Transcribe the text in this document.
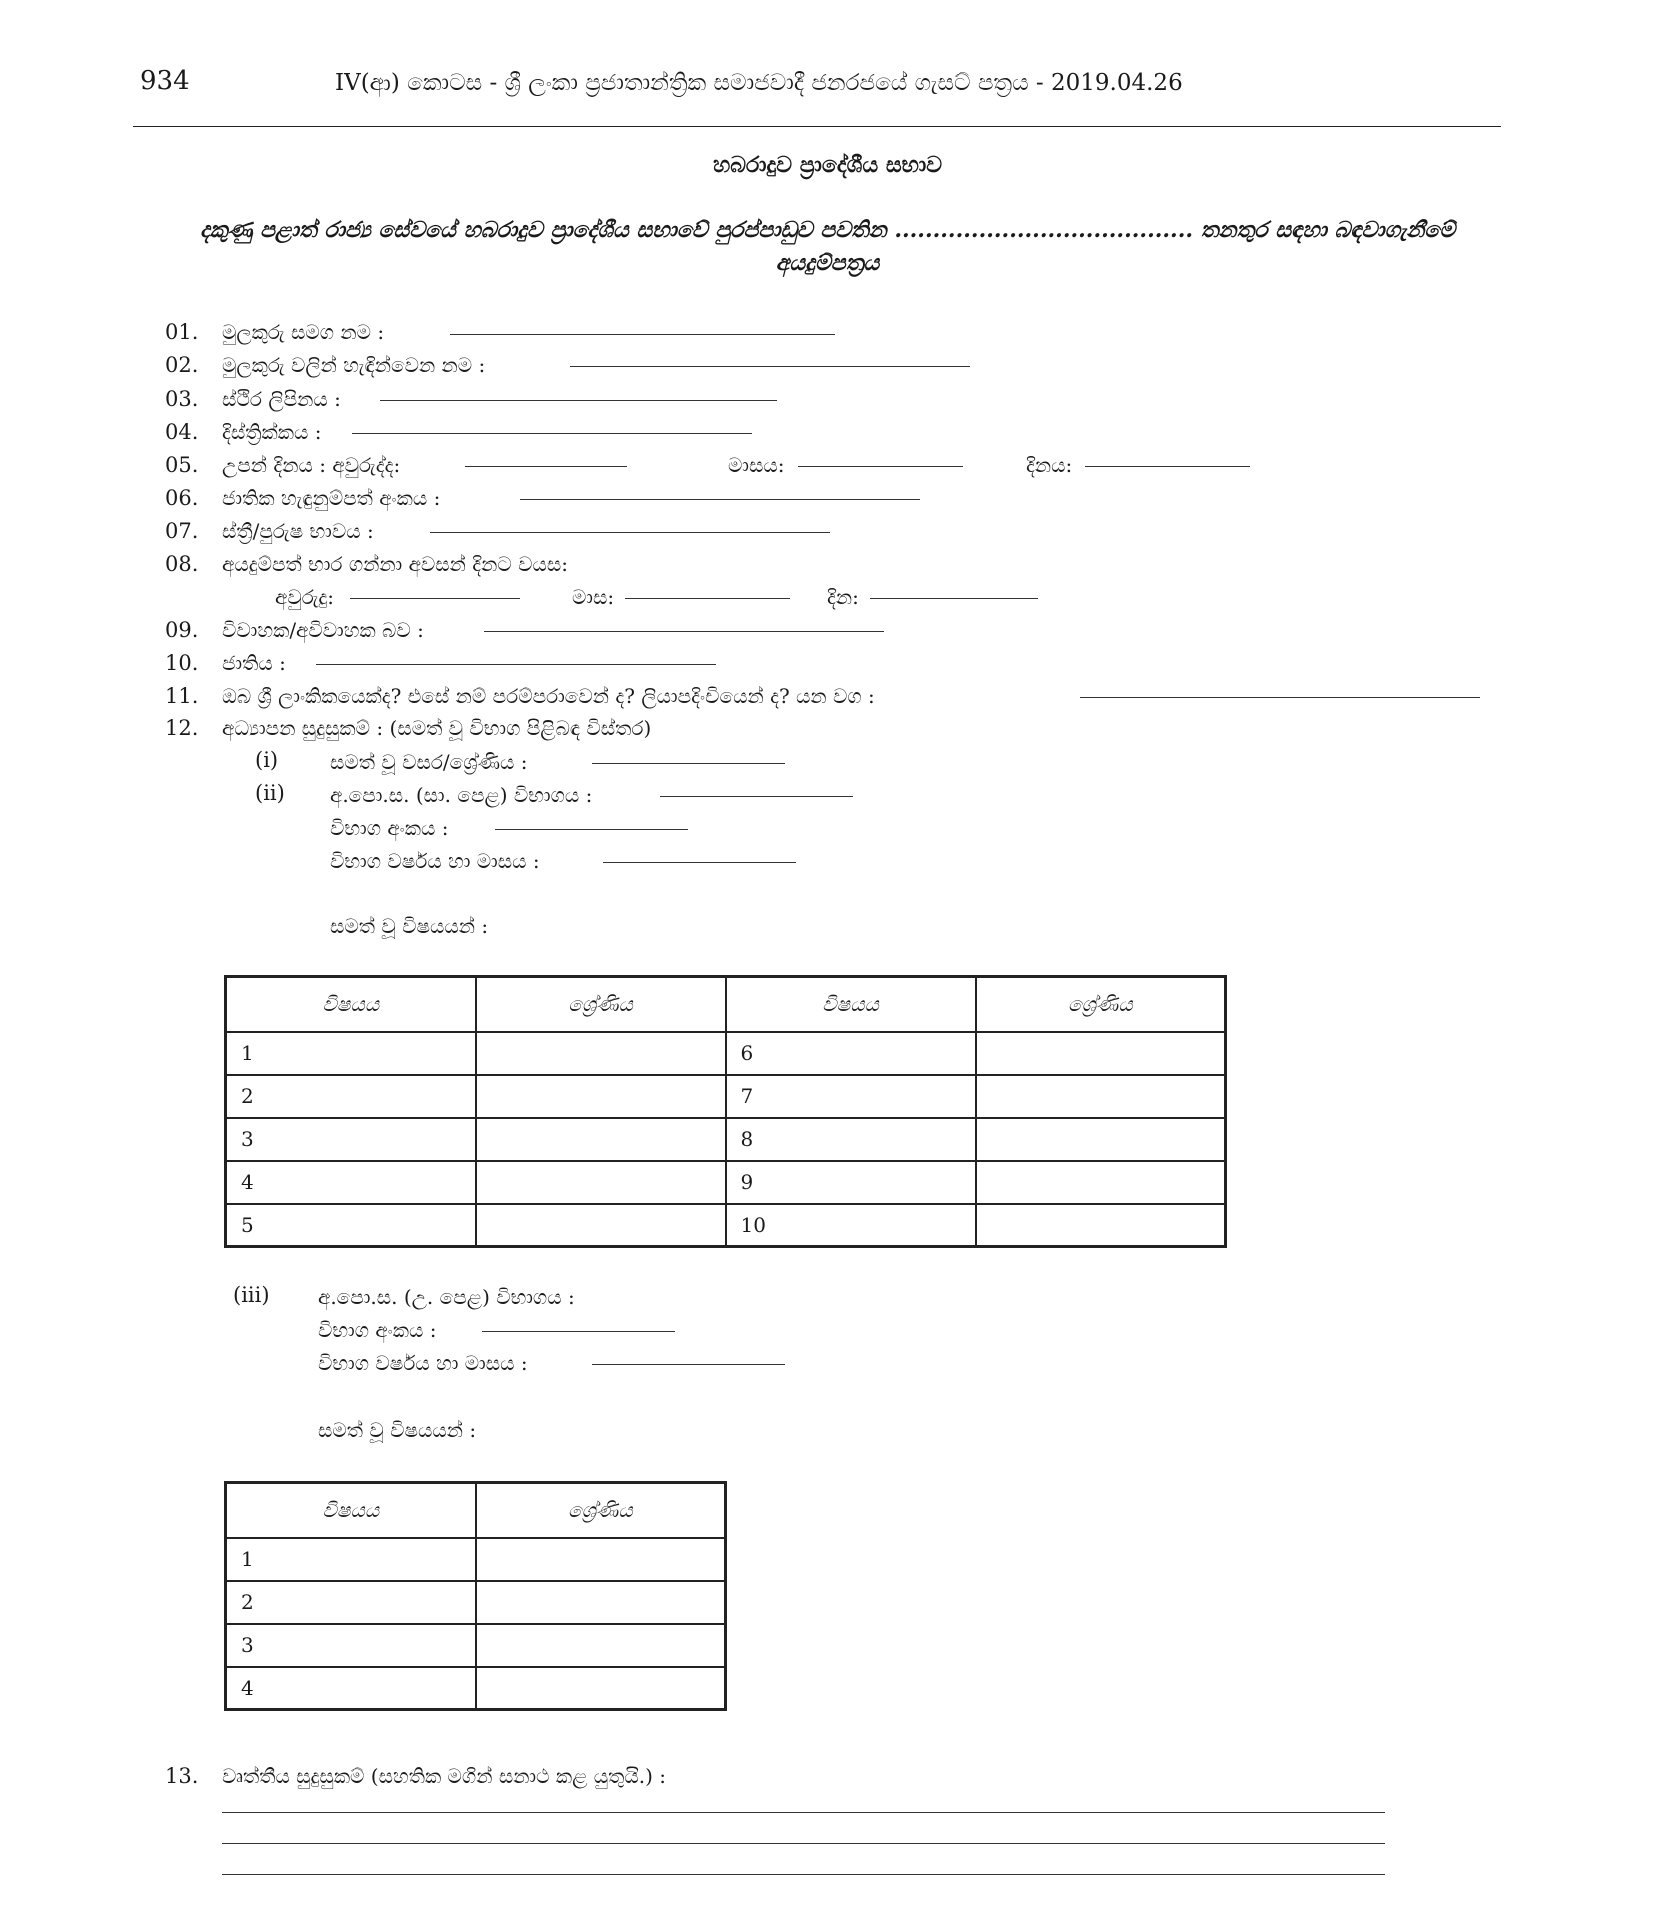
934	IV(ආ) කොටස - ශ්‍රී ලංකා ප්‍රජාතාන්ත්‍රික සමාජවාදී ජනරජයේ ගැසට් පත්‍රය - 2019.04.26
හබරාදුව ප්‍රාදේශීය සභාව
දකුණු පළාත් රාජ්‍ය සේවයේ හබරාදුව ප්‍රාදේශීය සභාවේ පුරප්පාඩුව පවතින ....................................... තනතුර සඳහා බඳවාගැනීමේ
අයදුම්පත්‍රය
01. මුලකුරු සමග නම :
02. මුලකුරු වලින් හැඳින්වෙන නම :
03. ස්ථිර ලිපිනය :
04. දිස්ත්‍රික්කය :
05. උපන් දිනය : අවුරුද්ද:	මාසය:	දිනය:
06. ජාතික හැඳුනුම්පත් අංකය :
07. ස්ත්‍රී/පුරුෂ භාවය :
08. අයදුම්පත් භාර ගන්නා අවසන් දිනට වයස:
අවුරුදු:	මාස:	දින:
09. විවාහක/අවිවාහක බව :
10. ජාතිය :
11. ඔබ ශ්‍රී ලාංකිකයෙක්ද? එසේ නම් පරම්පරාවෙන් ද? ලියාපදිංචියෙන් ද? යන වග :
12. අධ්‍යාපන සුදුසුකම් : (සමත් වූ විභාග පිළිබඳ විස්තර)
(i)	සමත් වූ වසර/ශ්‍රේණිය :
(ii) අ.පො.ස. (සා. පෙළ) විභාගය :
විභාග අංකය :
විභාග වර්ෂය හා මාසය :
සමත් වූ විෂයයන් :
විෂයය	ශ්‍රේණිය	විෂයය	ශ්‍රේණිය
1		6	
2		7	
3		8	
4		9	
5		10	
(iii) අ.පො.ස. (උ. පෙළ) විභාගය :
විභාග අංකය :
විභාග වර්ෂය හා මාසය :
සමත් වූ විෂයයන් :
විෂයය	ශ්‍රේණිය
1	
2	
3	
4	
13. වෘත්තීය සුදුසුකම් (සහතික මගින් සනාථ කළ යුතුයි.) :
